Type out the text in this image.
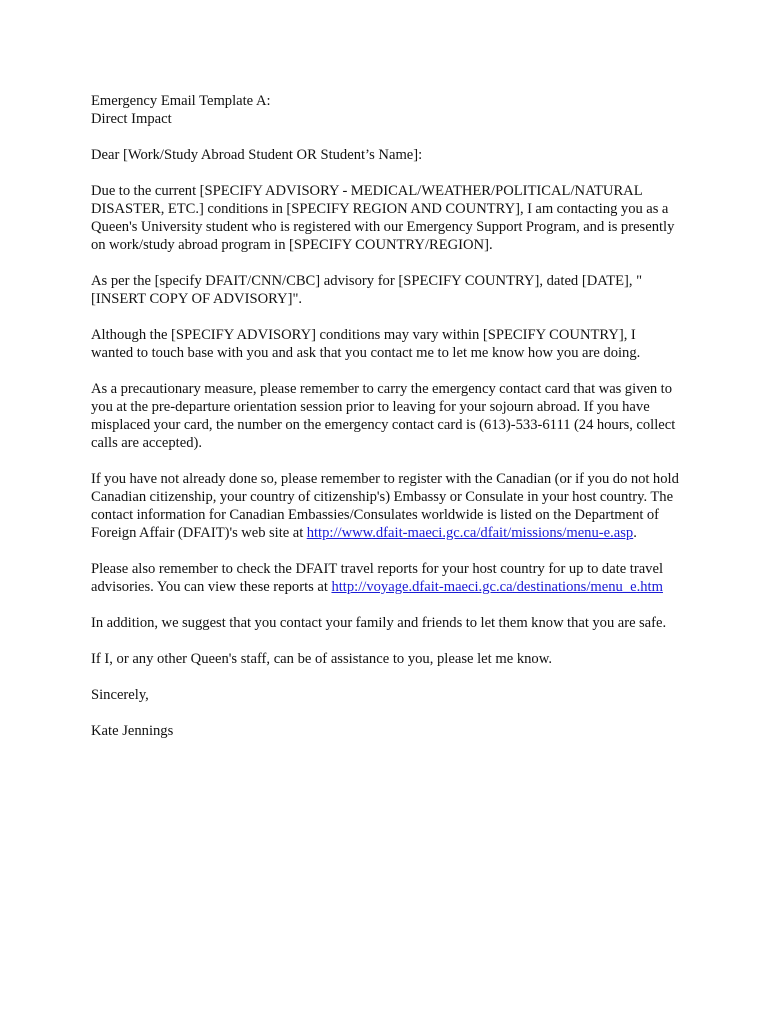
Emergency Email Template A:
Direct Impact

Dear [Work/Study Abroad Student OR Student’s Name]:

Due to the current [SPECIFY ADVISORY - MEDICAL/WEATHER/POLITICAL/NATURAL DISASTER, ETC.] conditions in [SPECIFY REGION AND COUNTRY], I am contacting you as a Queen's University student who is registered with our Emergency Support Program, and is presently on work/study abroad program in [SPECIFY COUNTRY/REGION].

As per the [specify DFAIT/CNN/CBC] advisory for [SPECIFY COUNTRY], dated [DATE], "[INSERT COPY OF ADVISORY]".

Although the [SPECIFY ADVISORY] conditions may vary within [SPECIFY COUNTRY], I wanted to touch base with you and ask that you contact me to let me know how you are doing.

As a precautionary measure, please remember to carry the emergency contact card that was given to you at the pre-departure orientation session prior to leaving for your sojourn abroad. If you have misplaced your card, the number on the emergency contact card is (613)-533-6111 (24 hours, collect calls are accepted).

If you have not already done so, please remember to register with the Canadian (or if you do not hold Canadian citizenship, your country of citizenship's) Embassy or Consulate in your host country. The contact information for Canadian Embassies/Consulates worldwide is listed on the Department of Foreign Affair (DFAIT)'s web site at http://www.dfait-maeci.gc.ca/dfait/missions/menu-e.asp.

Please also remember to check the DFAIT travel reports for your host country for up to date travel advisories. You can view these reports at http://voyage.dfait-maeci.gc.ca/destinations/menu_e.htm

In addition, we suggest that you contact your family and friends to let them know that you are safe.

If I, or any other Queen's staff, can be of assistance to you, please let me know.

Sincerely,

Kate Jennings
